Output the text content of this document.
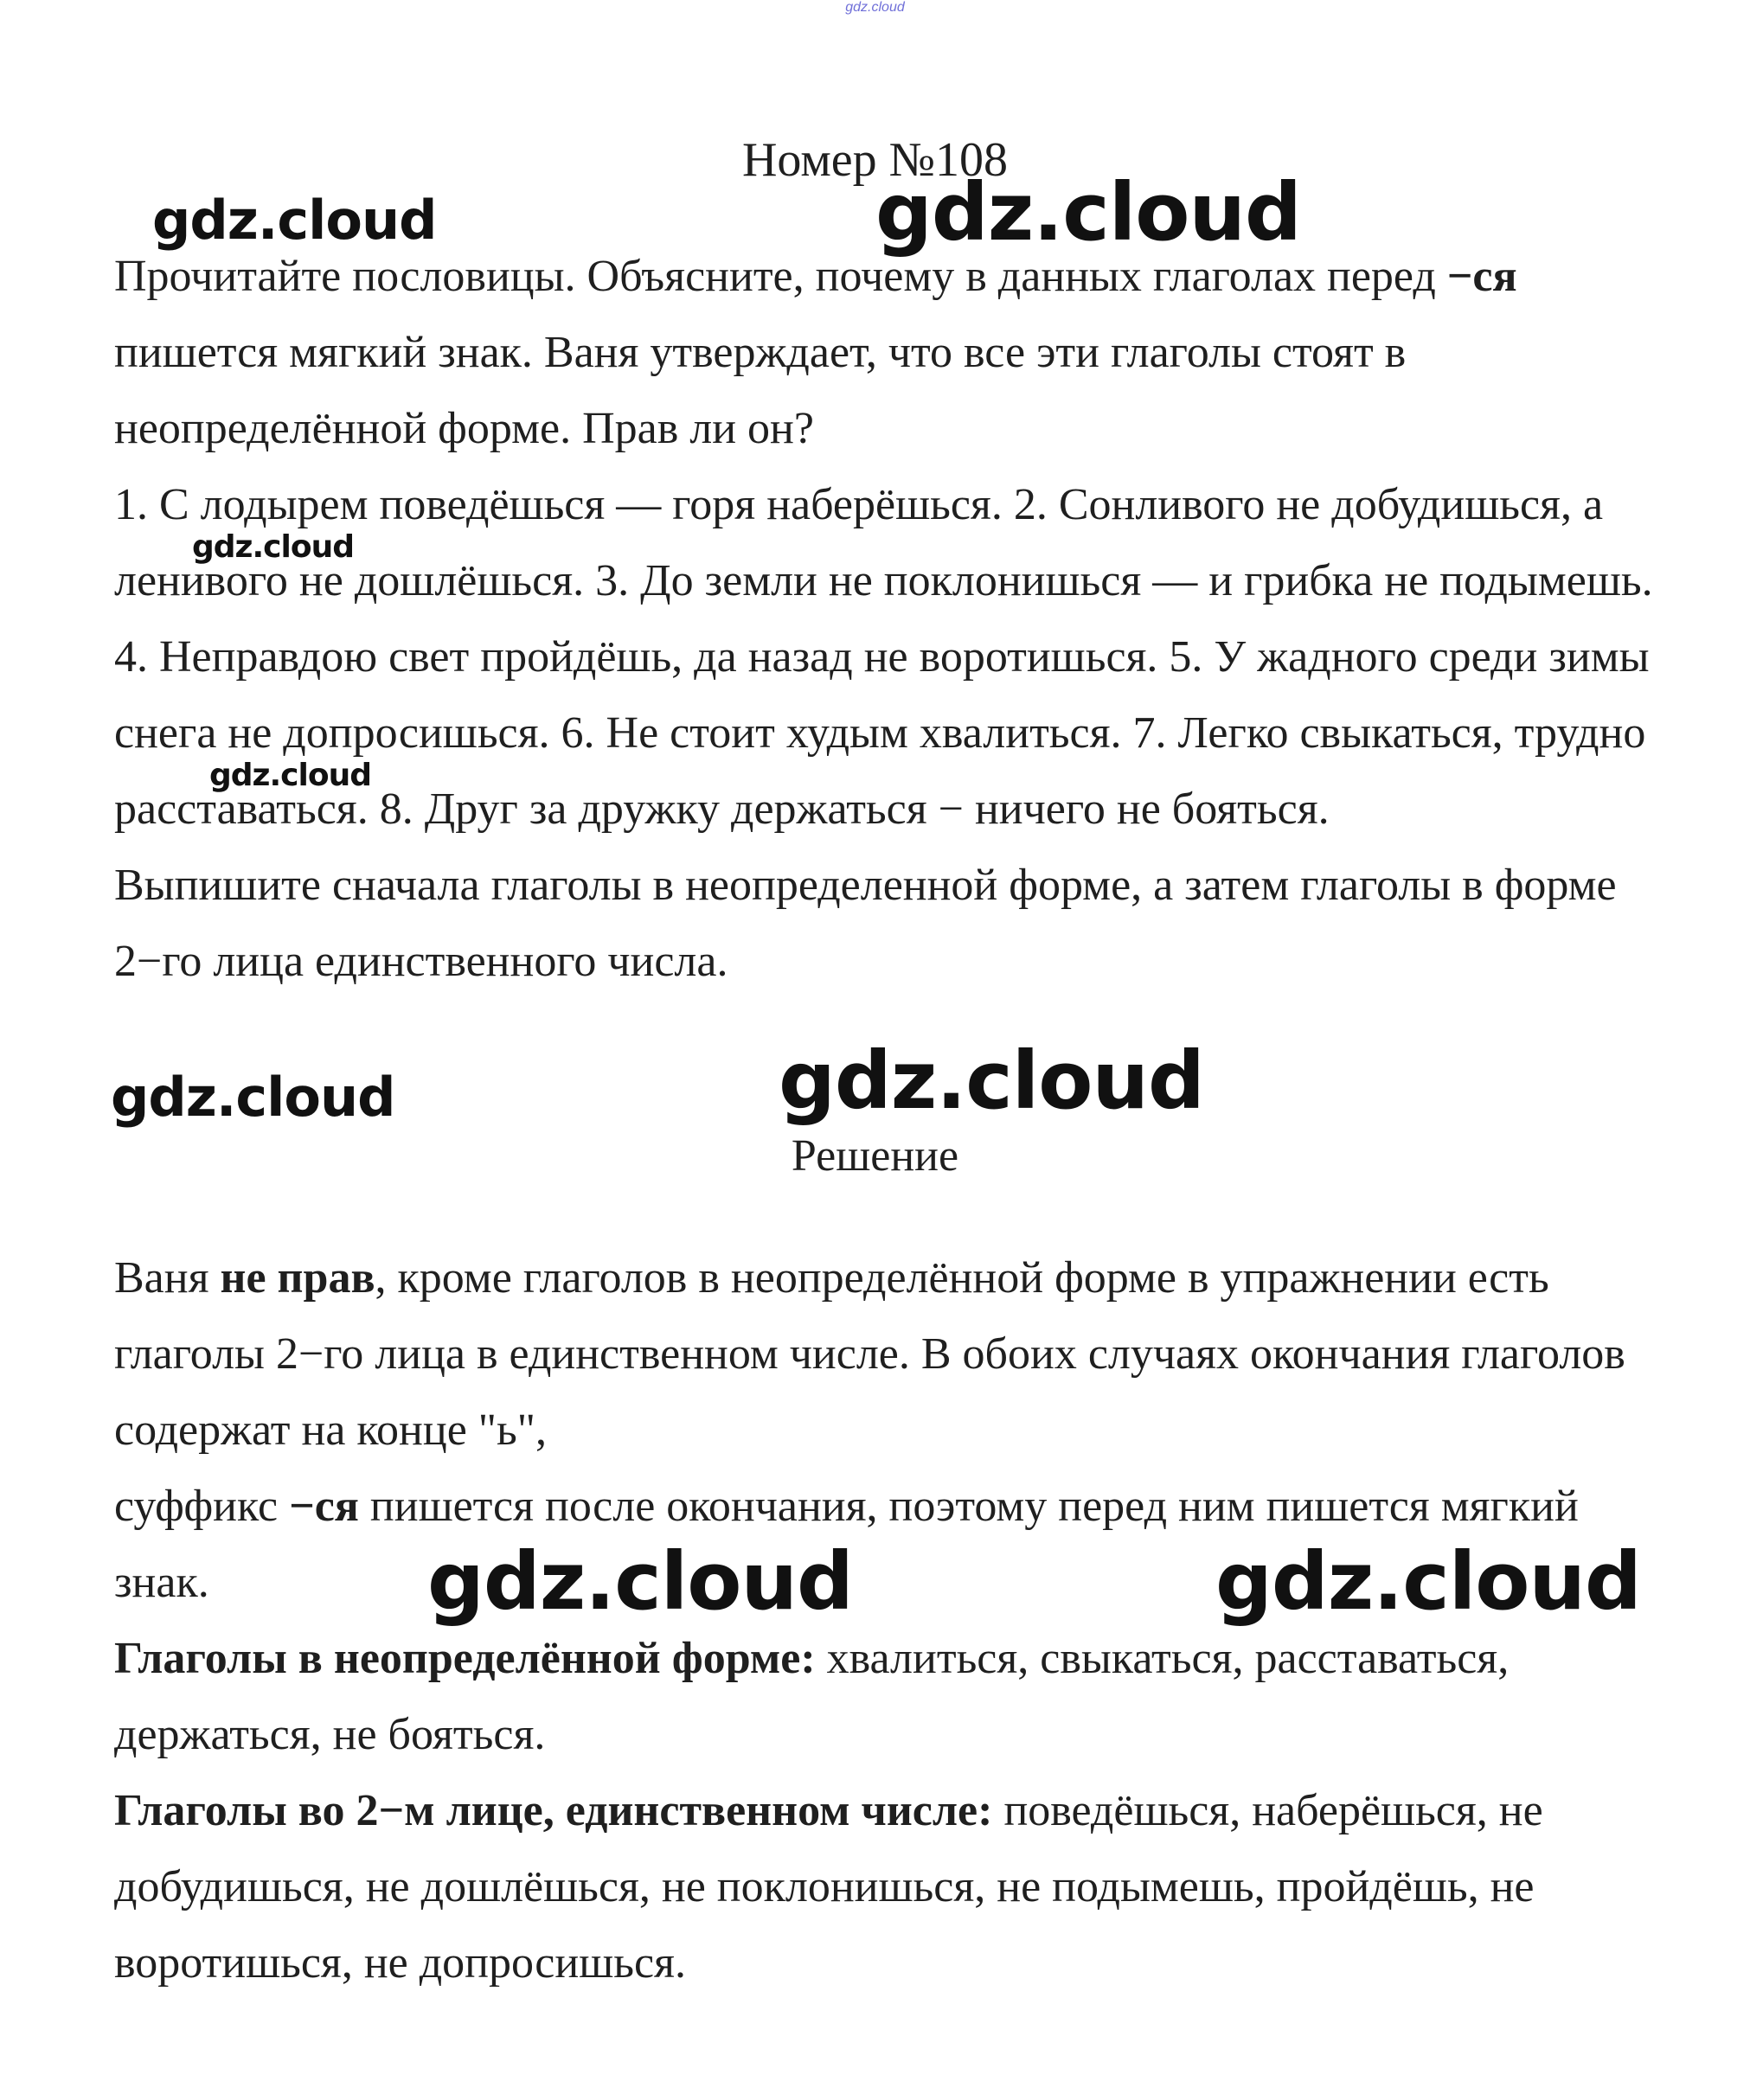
gdz.cloud
Номер №108

Прочитайте пословицы. Объясните, почему в данных глаголах перед −ся пишется мягкий знак. Ваня утверждает, что все эти глаголы стоят в неопределённой форме. Прав ли он?

1. С лодырем поведёшься — горя наберёшься. 2. Сонливого не добудишься, а ленивого не дошлёшься. 3. До земли не поклонишься — и грибка не подымешь. 4. Неправдою свет пройдёшь, да назад не воротишься. 5. У жадного среди зимы снега не допросишься. 6. Не стоит худым хвалиться. 7. Легко свыкаться, трудно расставаться. 8. Друг за дружку держаться − ничего не бояться.

Выпишите сначала глаголы в неопределенной форме, а затем глаголы в форме 2−го лица единственного числа.

Решение

Ваня не прав, кроме глаголов в неопределённой форме в упражнении есть глаголы 2−го лица в единственном числе. В обоих случаях окончания глаголов содержат на конце "ь",

суффикс −ся пишется после окончания, поэтому перед ним пишется мягкий знак.

Глаголы в неопределённой форме: хвалиться, свыкаться, расставаться, держаться, не бояться.

Глаголы во 2−м лице, единственном числе: поведёшься, наберёшься, не добудишься, не дошлёшься, не поклонишься, не подымешь, пройдёшь, не воротишься, не допросишься.

gdz.cloud	gdz.cloud
gdz.cloud
gdz.cloud
gdz.cloud	gdz.cloud
gdz.cloud	gdz.cloud
